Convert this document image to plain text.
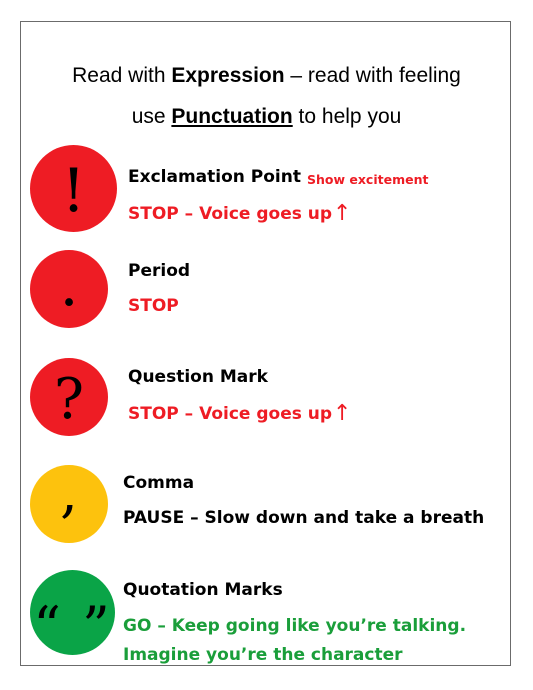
Read with Expression – read with feeling
use Punctuation to help you
! Exclamation Point Show excitement
STOP – Voice goes up↑
.	Period
STOP
?	Question Mark
STOP – Voice goes up↑
,	Comma
PAUSE – Slow down and take a breath
“ ”
Quotation Marks
GO – Keep going like you’re talking.
Imagine you’re the character
